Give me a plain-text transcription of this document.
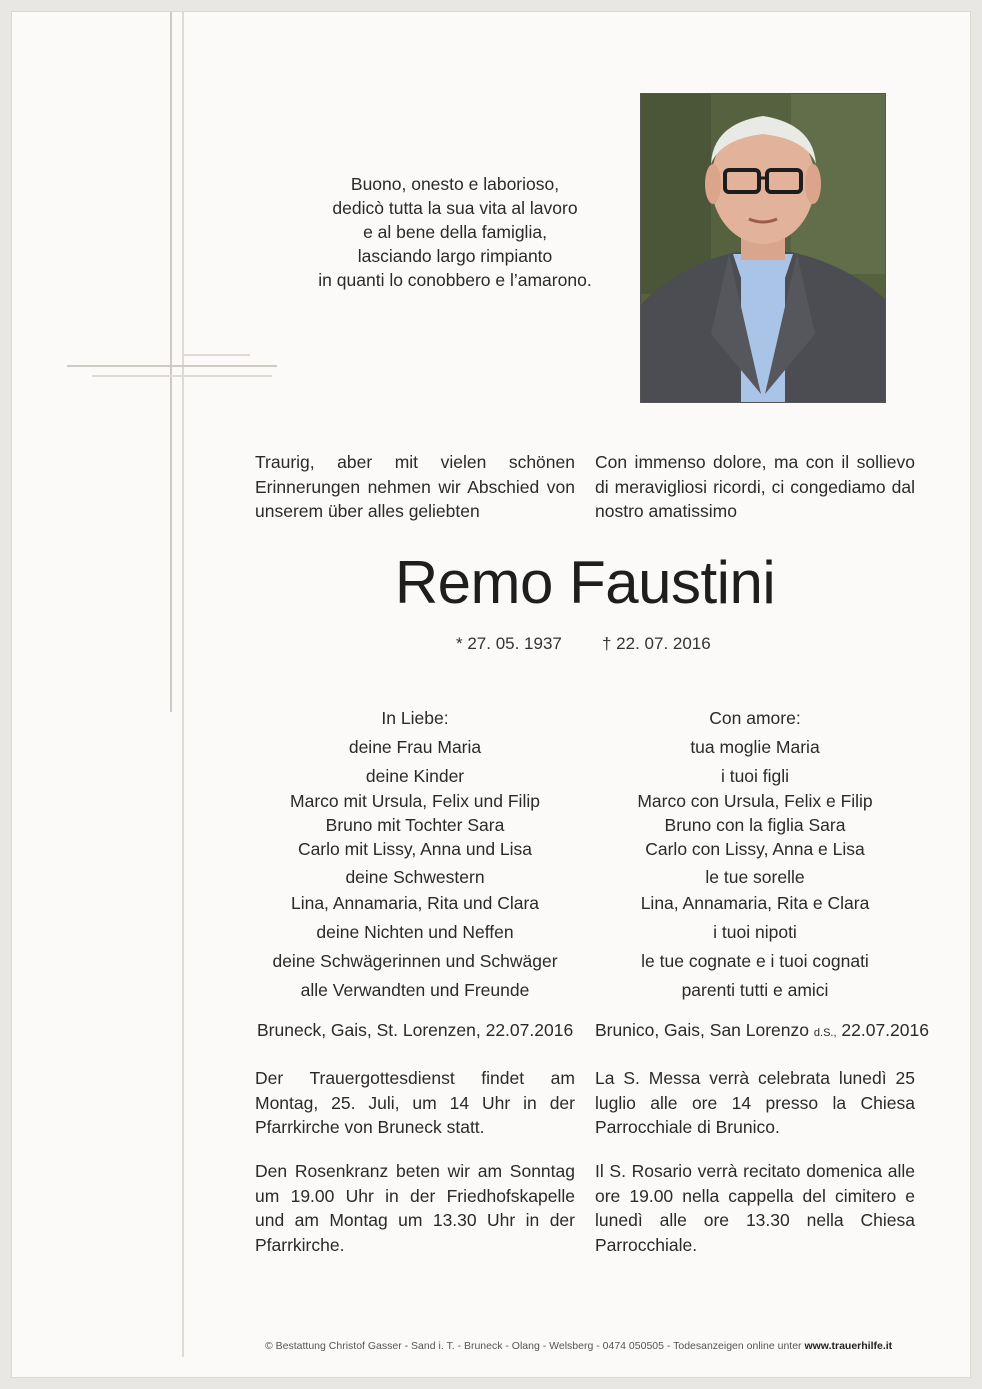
Buono, onesto e laborioso,
dedicò tutta la sua vita al lavoro
e al bene della famiglia,
lasciando largo rimpianto
in quanti lo conobbero e l’amarono.
Traurig, aber mit vielen schönen Erinnerungen nehmen wir Abschied von unserem über alles geliebten
Con immenso dolore, ma con il sollievo di meravigliosi ricordi, ci congediamo dal nostro amatissimo
Remo Faustini
* 27. 05. 1937 † 22. 07. 2016
In Liebe:
deine Frau Maria
deine Kinder
Marco mit Ursula, Felix und Filip
Bruno mit Tochter Sara
Carlo mit Lissy, Anna und Lisa
deine Schwestern
Lina, Annamaria, Rita und Clara
deine Nichten und Neffen
deine Schwägerinnen und Schwäger
alle Verwandten und Freunde
Con amore:
tua moglie Maria
i tuoi figli
Marco con Ursula, Felix e Filip
Bruno con la figlia Sara
Carlo con Lissy, Anna e Lisa
le tue sorelle
Lina, Annamaria, Rita e Clara
i tuoi nipoti
le tue cognate e i tuoi cognati
parenti tutti e amici
Bruneck, Gais, St. Lorenzen, 22.07.2016 Brunico, Gais, San Lorenzo d.S., 22.07.2016
Der Trauergottesdienst findet am Montag, 25. Juli, um 14 Uhr in der Pfarrkirche von Bruneck statt.
La S. Messa verrà celebrata lunedì 25 luglio alle ore 14 presso la Chiesa Parrocchiale di Brunico.
Den Rosenkranz beten wir am Sonntag um 19.00 Uhr in der Friedhofskapelle und am Montag um 13.30 Uhr in der Pfarrkirche.
Il S. Rosario verrà recitato domenica alle ore 19.00 nella cappella del cimitero e lunedì alle ore 13.30 nella Chiesa Parrocchiale.
© Bestattung Christof Gasser - Sand i. T. - Bruneck - Olang - Welsberg - 0474 050505 - Todesanzeigen online unter www.trauerhilfe.it
